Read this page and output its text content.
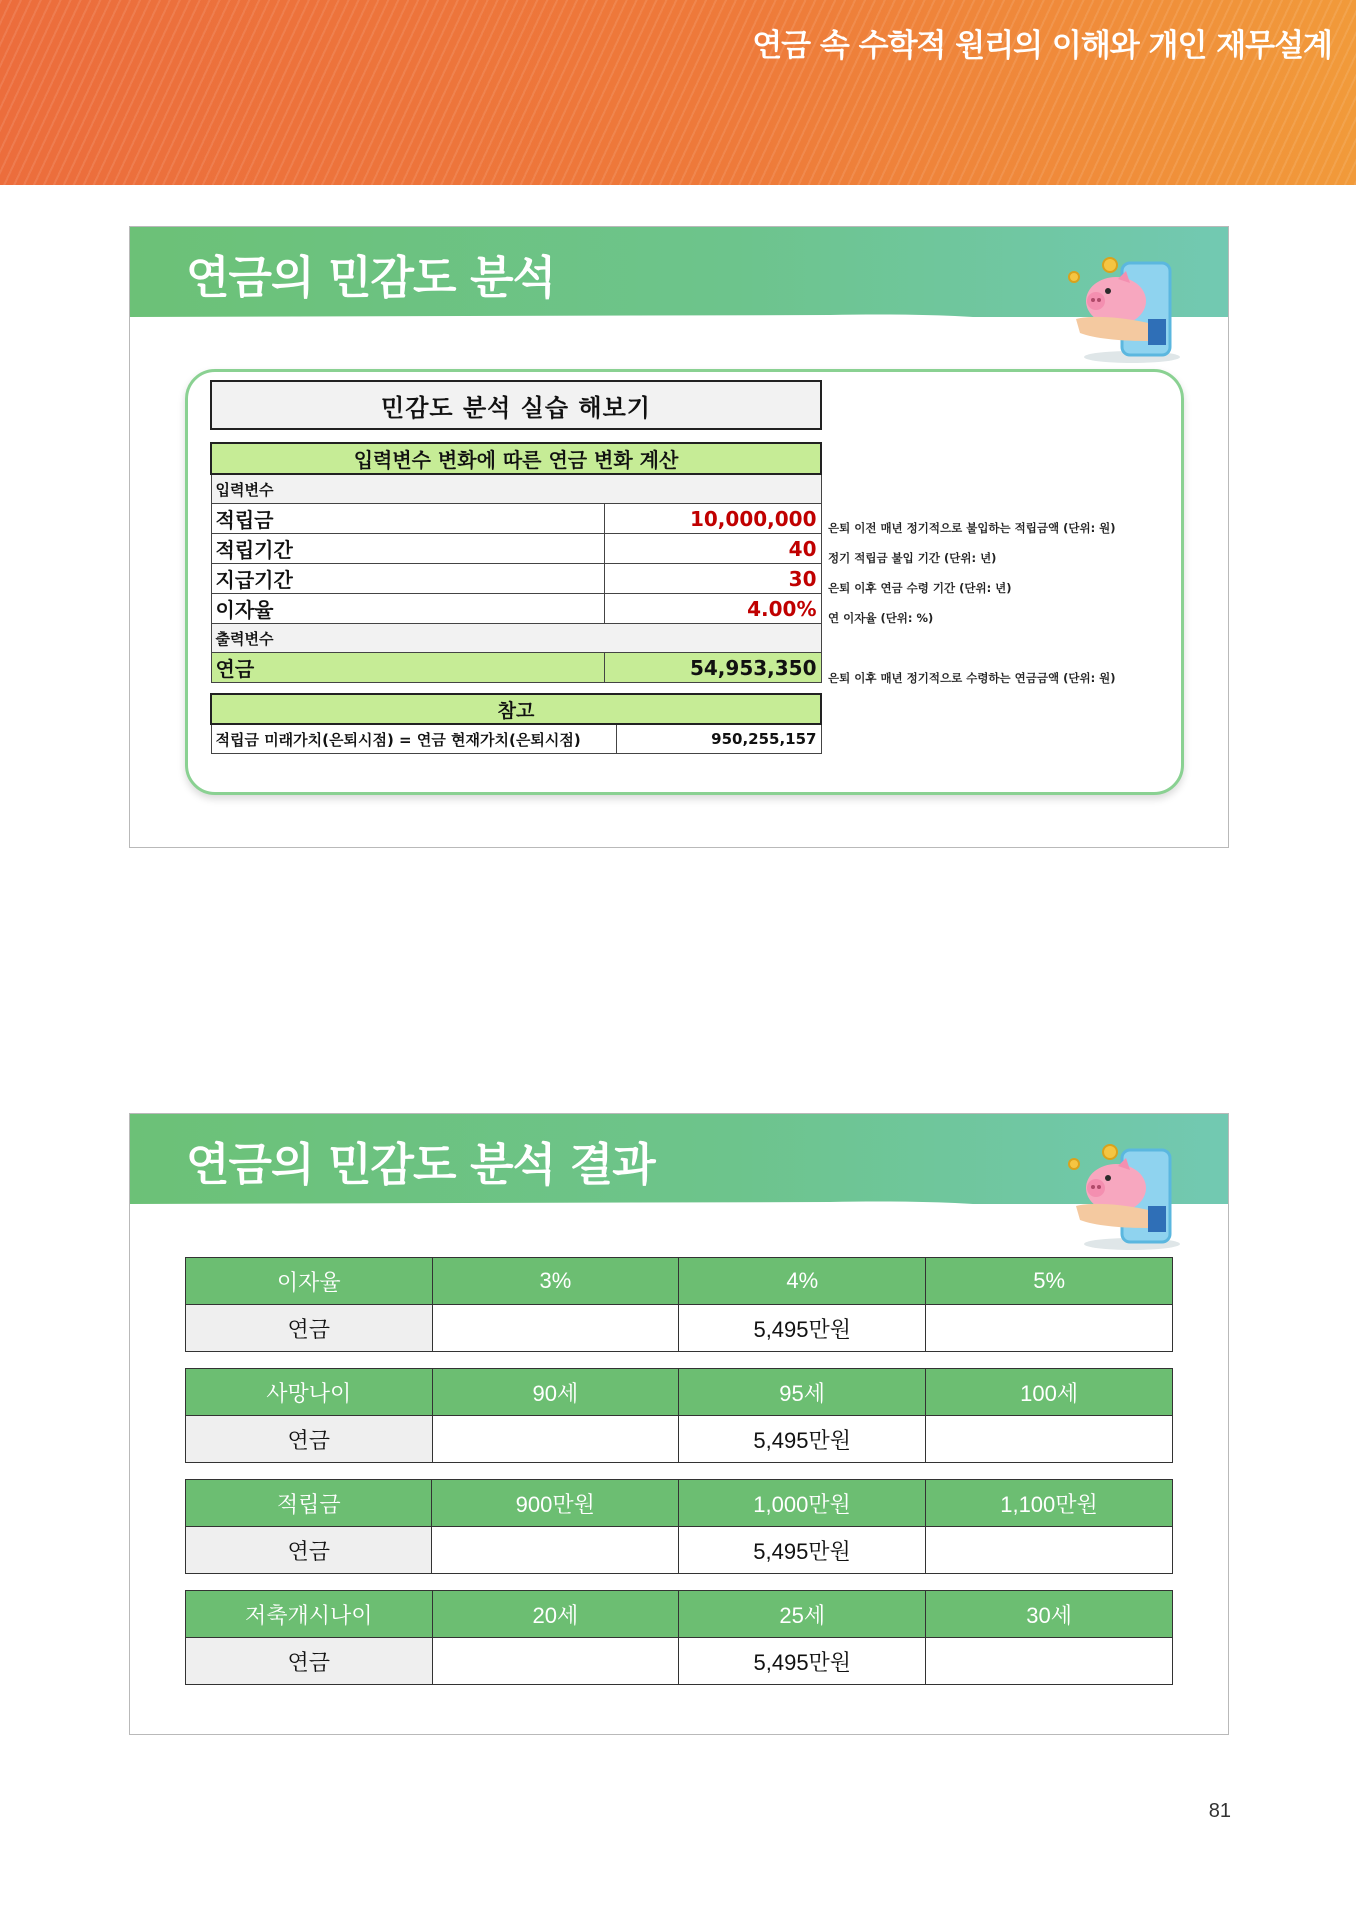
연금 속 수학적 원리의 이해와 개인 재무설계
연금의 민감도 분석
민감도 분석 실습 해보기
입력변수 변화에 따른 연금 변화 계산	
입력변수	
적립금	10,000,000
적립기간	40
지급기간	30
이자율	4.00%
출력변수	
연금	54,953,350
참고
적립금 미래가치(은퇴시점) = 연금 현재가치(은퇴시점)	950,255,157
은퇴 이전 매년 정기적으로 불입하는 적립금액 (단위: 원)
정기 적립금 불입 기간 (단위: 년)
은퇴 이후 연금 수령 기간 (단위: 년)
연 이자율 (단위: %)
은퇴 이후 매년 정기적으로 수령하는 연금금액 (단위: 원)
연금의 민감도 분석 결과
이자율	3%	4%	5%
연금		5,495만원	
사망나이	90세	95세	100세
연금		5,495만원	
적립금	900만원	1,000만원	1,100만원
연금		5,495만원	
저축개시나이	20세	25세	30세
연금		5,495만원	
81
